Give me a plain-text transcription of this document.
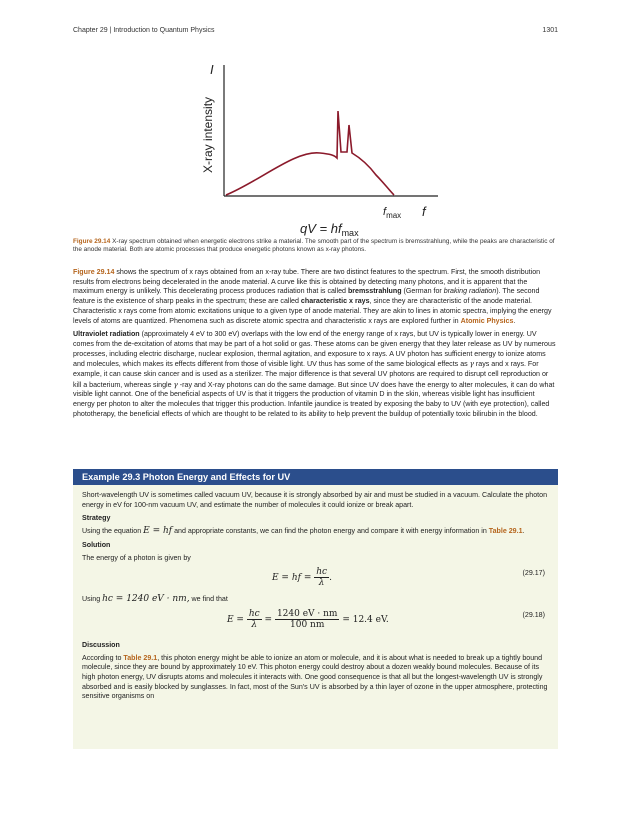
Chapter 29 | Introduction to Quantum Physics	1301
I
X-ray intensity
$f_{max}$ f
qV = $hf_{max}$
Figure 29.14 X-ray spectrum obtained when energetic electrons strike a material. The smooth part of the spectrum is bremsstrahlung, while the peaks are characteristic of the anode material. Both are atomic processes that produce energetic photons known as x-ray photons.

Figure 29.14 shows the spectrum of x rays obtained from an x-ray tube. There are two distinct features to the spectrum. First, the smooth distribution results from electrons being decelerated in the anode material. A curve like this is obtained by detecting many photons, and it is apparent that the maximum energy is unlikely. This decelerating process produces radiation that is called bremsstrahlung (German for braking radiation). The second feature is the existence of sharp peaks in the spectrum; these are called characteristic x rays, since they are characteristic of the anode material. Characteristic x rays come from atomic excitations unique to a given type of anode material. They are akin to lines in atomic spectra, implying the energy levels of atoms are quantized. Phenomena such as discrete atomic spectra and characteristic x rays are explored further in Atomic Physics.

Ultraviolet radiation (approximately 4 eV to 300 eV) overlaps with the low end of the energy range of x rays, but UV is typically lower in energy. UV comes from the de-excitation of atoms that may be part of a hot solid or gas. These atoms can be given energy that they later release as UV by numerous processes, including electric discharge, nuclear explosion, thermal agitation, and exposure to x rays. A UV photon has sufficient energy to ionize atoms and molecules, which makes its effects different from those of visible light. UV thus has some of the same biological effects as γ rays and x rays. For example, it can cause skin cancer and is used as a sterilizer. The major difference is that several UV photons are required to disrupt cell reproduction or kill a bacterium, whereas single γ -ray and X-ray photons can do the same damage. But since UV does have the energy to alter molecules, it can do what visible light cannot. One of the beneficial aspects of UV is that it triggers the production of vitamin D in the skin, whereas visible light has insufficient energy per photon to alter the molecules that trigger this production. Infantile jaundice is treated by exposing the baby to UV (with eye protection), called phototherapy, the beneficial effects of which are thought to be related to its ability to help prevent the buildup of potentially toxic bilirubin in the blood.

Example 29.3 Photon Energy and Effects for UV

Short-wavelength UV is sometimes called vacuum UV, because it is strongly absorbed by air and must be studied in a vacuum. Calculate the photon energy in eV for 100-nm vacuum UV, and estimate the number of molecules it could ionize or break apart.

Strategy

Using the equation E = hf and appropriate constants, we can find the photon energy and compare it with energy information in Table 29.1.

Solution

The energy of a photon is given by

E = hf = $\frac{hc}{\lambda}$ .	(29.17)

Using hc = 1240 eV · nm, we find that

$E = \frac{hc}{\lambda} = \frac{1240 eV \cdot nm}{100 nm} = 12.4$ eV.	(29.18)
Discussion

According to Table 29.1, this photon energy might be able to ionize an atom or molecule, and it is about what is needed to break up a tightly bound molecule, since they are bound by approximately 10 eV. This photon energy could destroy about a dozen weakly bound molecules. Because of its high photon energy, UV disrupts atoms and molecules it interacts with. One good consequence is that all but the longest-wavelength UV is strongly absorbed and is easily blocked by sunglasses. In fact, most of the Sun's UV is absorbed by a thin layer of ozone in the upper atmosphere, protecting sensitive organisms on
